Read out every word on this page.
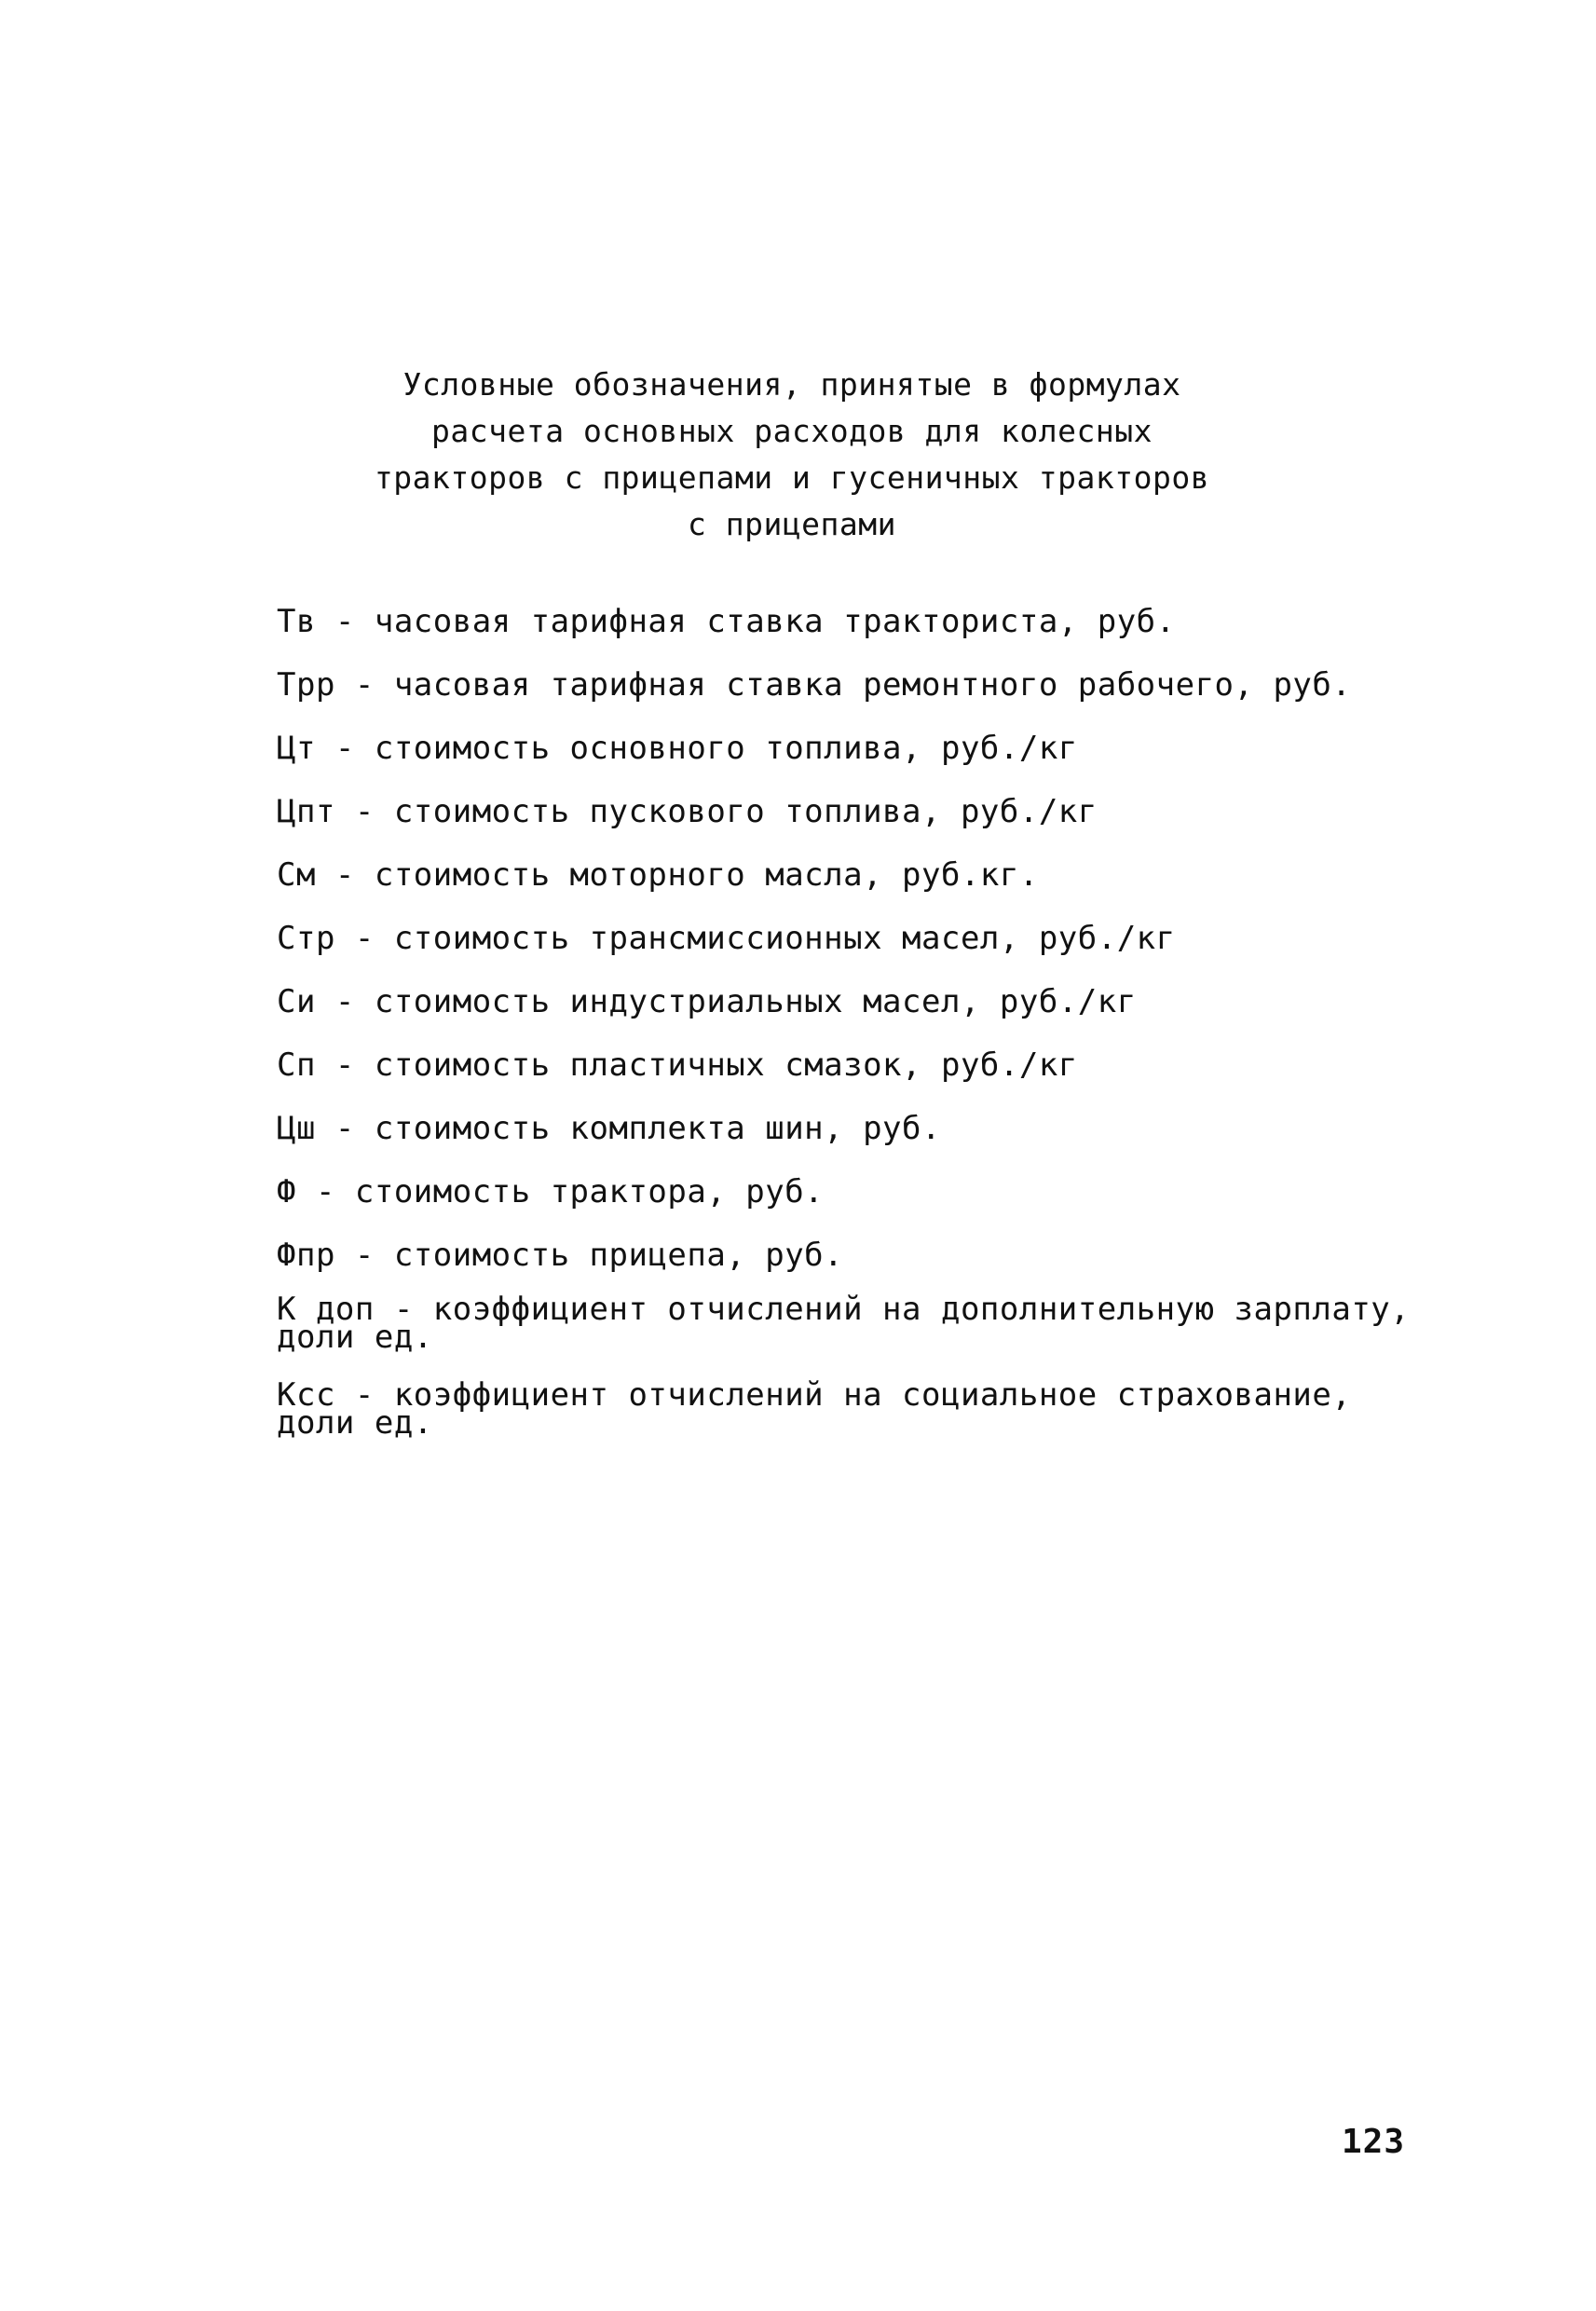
Условные обозначения, принятые в формулах
расчета основных расходов для колесных
тракторов с прицепами и гусеничных тракторов
с прицепами
Тв - часовая тарифная ставка тракториста, руб.
Трр - часовая тарифная ставка ремонтного рабочего, руб.
Цт - стоимость основного топлива, руб./кг
Цпт - стоимость пускового топлива, руб./кг
См - стоимость моторного масла, руб.кг.
Стр - стоимость трансмиссионных масел, руб./кг
Си - стоимость индустриальных масел, руб./кг
Сп - стоимость пластичных смазок, руб./кг
Цш - стоимость комплекта шин, руб.
Ф - стоимость трактора, руб.
Фпр - стоимость прицепа, руб.
К доп - коэффициент отчислений на дополнительную зарплату,
доли ед.
Ксс - коэффициент отчислений на социальное страхование,
доли ед.
123
